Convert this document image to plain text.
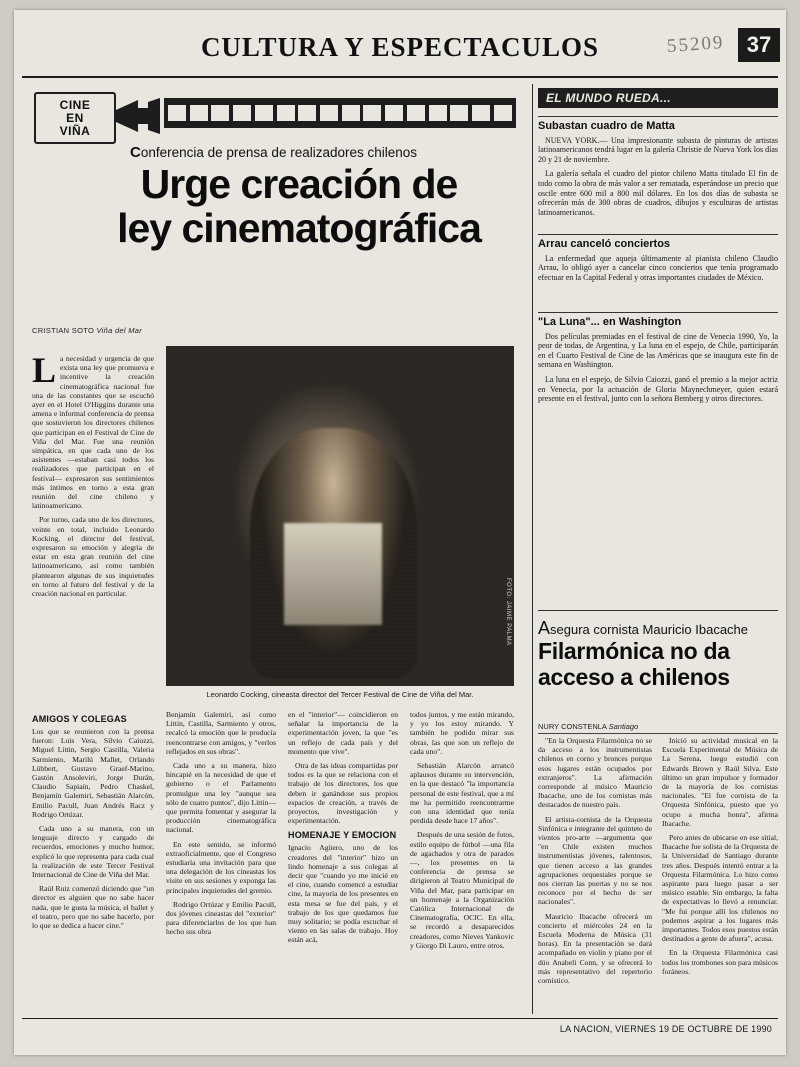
CULTURA Y ESPECTACULOS	55209	37
CINE
EN
VIÑA
Conferencia de prensa de realizadores chilenos
Urge creación de
ley cinematográfica
CRISTIAN SOTO Viña del Mar
FOTO: JAIME PALMA
Leonardo Cocking, cineasta director del Tercer Festival de Cine de Viña del Mar.

La necesidad y urgencia de que exista una ley que promueva e incentive la creación cinematográfica nacional fue una de las constantes que se escuchó ayer en el Hotel O'Higgins durante una amena e informal conferencia de prensa que sostuvieron los directores chilenos que participan en el Festival de Cine de Viña del Mar. Fue una reunión simpática, en que cada uno de los asistentes —estaban casi todos los realizadores que participan en el festival— expresaron sus sentimientos más íntimos en torno a esta gran reunión del cine chileno y latinoamericano.

Por turno, cada uno de los directores, veinte en total, incluido Leonardo Kocking, el director del festival, expresaron su emoción y alegría de estar en esta gran reunión del cine latinoamericano, así como también plantearon algunas de sus inquietudes en torno al futuro del festival y de la creación nacional en particular.

AMIGOS Y COLEGAS

Los que se reunieron con la prensa fueron: Luis Vera, Silvio Caiozzi, Miguel Littin, Sergio Castilla, Valeria Sarmiento, Marilú Mallet, Orlando Lübbert, Gustavo Graef-Marino, Gastón Ansoleviri, Jorge Durán, Claudio Sapiaín, Pedro Chaskel, Benjamín Galemiri, Sebastián Alarcón, Emilio Pacull, Juan Andrés Racz y Rodrigo Ortúzar.

Cada uno a su manera, con un lenguaje directo y cargado de recuerdos, emociones y mucho humor, explicó lo que representa para cada cual la realización de este Tercer Festival Internacional de Cine de Viña del Mar.

Raúl Ruiz comenzó diciendo que "un director es alguien que no sabe hacer nada, que le gusta la música, el ballet y el teatro, pero que no sabe hacerlo, por lo que se dedica a hacer cine."

Benjamín Galemiri, así como Littin, Castilla, Sarmiento y otros, recalcó la emoción que le producía reencontrarse con amigos, y "verlos reflejados en sus obras".

Cada uno a su manera, hizo hincapié en la necesidad de que el gobierno o el Parlamento promulgue una ley "aunque sea sólo de cuatro puntos", dijo Littin— que permita fomentar y asegurar la producción cinematográfica nacional.

En este sentido, se informó extraoficialmente, que el Congreso estudiaría una invitación para que una delegación de los cineastas los visite en sus sesiones y exponga las principales inquietudes del gremio.

Rodrigo Ortúzar y Emilio Pacull, dos jóvenes cineastas del "exterior" para diferenciarlos de los que han hecho sus obra

en el "interior"— coincidieron en señalar la importancia de la experimentación joven, la que "es un reflejo de cada país y del momento que vive".

Otra de las ideas compartidas por todos es la que se relaciona con el trabajo de los directores, los que deben ir ganándose sus propios espacios de creación, a través de proyectos, investigación y experimentación.

HOMENAJE Y EMOCION

Ignacio Agüero, uno de los creadores del "interior" hizo un lindo homenaje a sus colegas al decir que "cuando yo me inicié en el cine, cuando comencé a estudiar cine, la mayoría de los presentes en esta mesa se fue del país, y el trabajo de los que quedamos fue muy solitario; se podía escuchar el viento en las salas de trabajo. Hoy están acá,

todos juntos, y me están mirando, y yo los estoy mirando. Y también he podido mirar sus obras, las que son un reflejo de cada uno".

Sebastián Alarcón arrancó aplausos durante su intervención, en la que destacó "la importancia personal de este festival, que a mí me ha permitido reencontrarme con una identidad que tenía perdida desde hace 17 años".

Después de una sesión de fotos, estilo equipo de fútbol —una fila de agachados y otra de parados—, los presentes en la conferencia de prensa se dirigieron al Teatro Municipal de Viña del Mar, para participar en un homenaje a la Organización Católica Internacional de Cinematografía, OCIC. En ella, se recordó a desaparecidos creadores, como Nieves Yankovic y Giorgo Di Lauro, entre otros.

EL MUNDO RUEDA...
Subastan cuadro de Matta

NUEVA YORK.— Una impresionante subasta de pinturas de artistas latinoamericanos tendrá lugar en la galería Christie de Nueva York los días 20 y 21 de noviembre.

La galería señala el cuadro del pintor chileno Matta titulado El fin de todo como la obra de más valor a ser rematada, esperándose un precio que oscile entre 600 mil a 800 mil dólares. En los dos días de subasta se ofrecerán más de 300 obras de cuadros, dibujos y esculturas de artistas latinoamericanos.

Arrau canceló conciertos

La enfermedad que aqueja últimamente al pianista chileno Claudio Arrau, lo obligó ayer a cancelar cinco conciertos que tenía programado efectuar en la Capital Federal y otras importantes ciudades de México.

"La Luna"... en Washington

Dos películas premiadas en el festival de cine de Venecia 1990, Yo, la peor de todas, de Argentina, y La luna en el espejo, de Chile, participarán en el Cuarto Festival de Cine de las Américas que se inaugura este fin de semana en Washington.

La luna en el espejo, de Silvio Caiozzi, ganó el premio a la mejor actriz en Venecia, por la actuación de Gloria Maynechmeyer, quien estará presente en el festival, junto con la señora Bemberg y otros directores.

Asegura cornista Mauricio Ibacache
Filarmónica no da
acceso a chilenos
NURY CONSTENLA Santiago

"En la Orquesta Filarmónica no se da acceso a los instrumentistas chilenos en corno y bronces porque esos lugares están ocupados por extranjeros". La afirmación corresponde al músico Mauricio Ibacache, uno de los cornistas más destacados de nuestro país.

El artista-cornista de la Orquesta Sinfónica e integrante del quinteto de vientos pro-arte —argumenta que "en Chile existen muchos instrumentistas jóvenes, talentosos, que tienen acceso a las grandes agrupaciones orquestales porque se nos cierran las puertas y no se nos reconoce por el hecho de ser nacionales".

Mauricio Ibacache ofrecerá un concierto el miércoles 24 en la Escuela Moderna de Música (31 horas). En la presentación se dará acompañado en violín y piano por el dúo Anabeli Conn, y se ofrecerá lo más representativo del repertorio cornístico.

Inició su actividad musical en la Escuela Experimental de Música de La Serena, luego estudió con Edwards Brown y Raúl Silva. Este último un gran impulsor y formador de la mayoría de los cornistas nacionales. "El fue cornista de la Orquesta Sinfónica, puesto que yo ocupo a mucha honra", afirma Ibacache.

Pero antes de ubicarse en ese sitial, Ibacache fue solista de la Orquesta de la Universidad de Santiago durante tres años. Después intentó entrar a la Orquesta Filarmónica. Lo hizo como aspirante para luego pasar a ser músico estable. Sin embargo, la falta de expectativas lo llevó a renunciar. "Me fui porque allí los chilenos no podemos aspirar a los lugares más importantes. Todos esos puestos están destinados a gente de afuera", acusa.

En la Orquesta Filarmónica casi todos los trombones son para músicos foráneos.

LA NACION, VIERNES 19 DE OCTUBRE DE 1990
